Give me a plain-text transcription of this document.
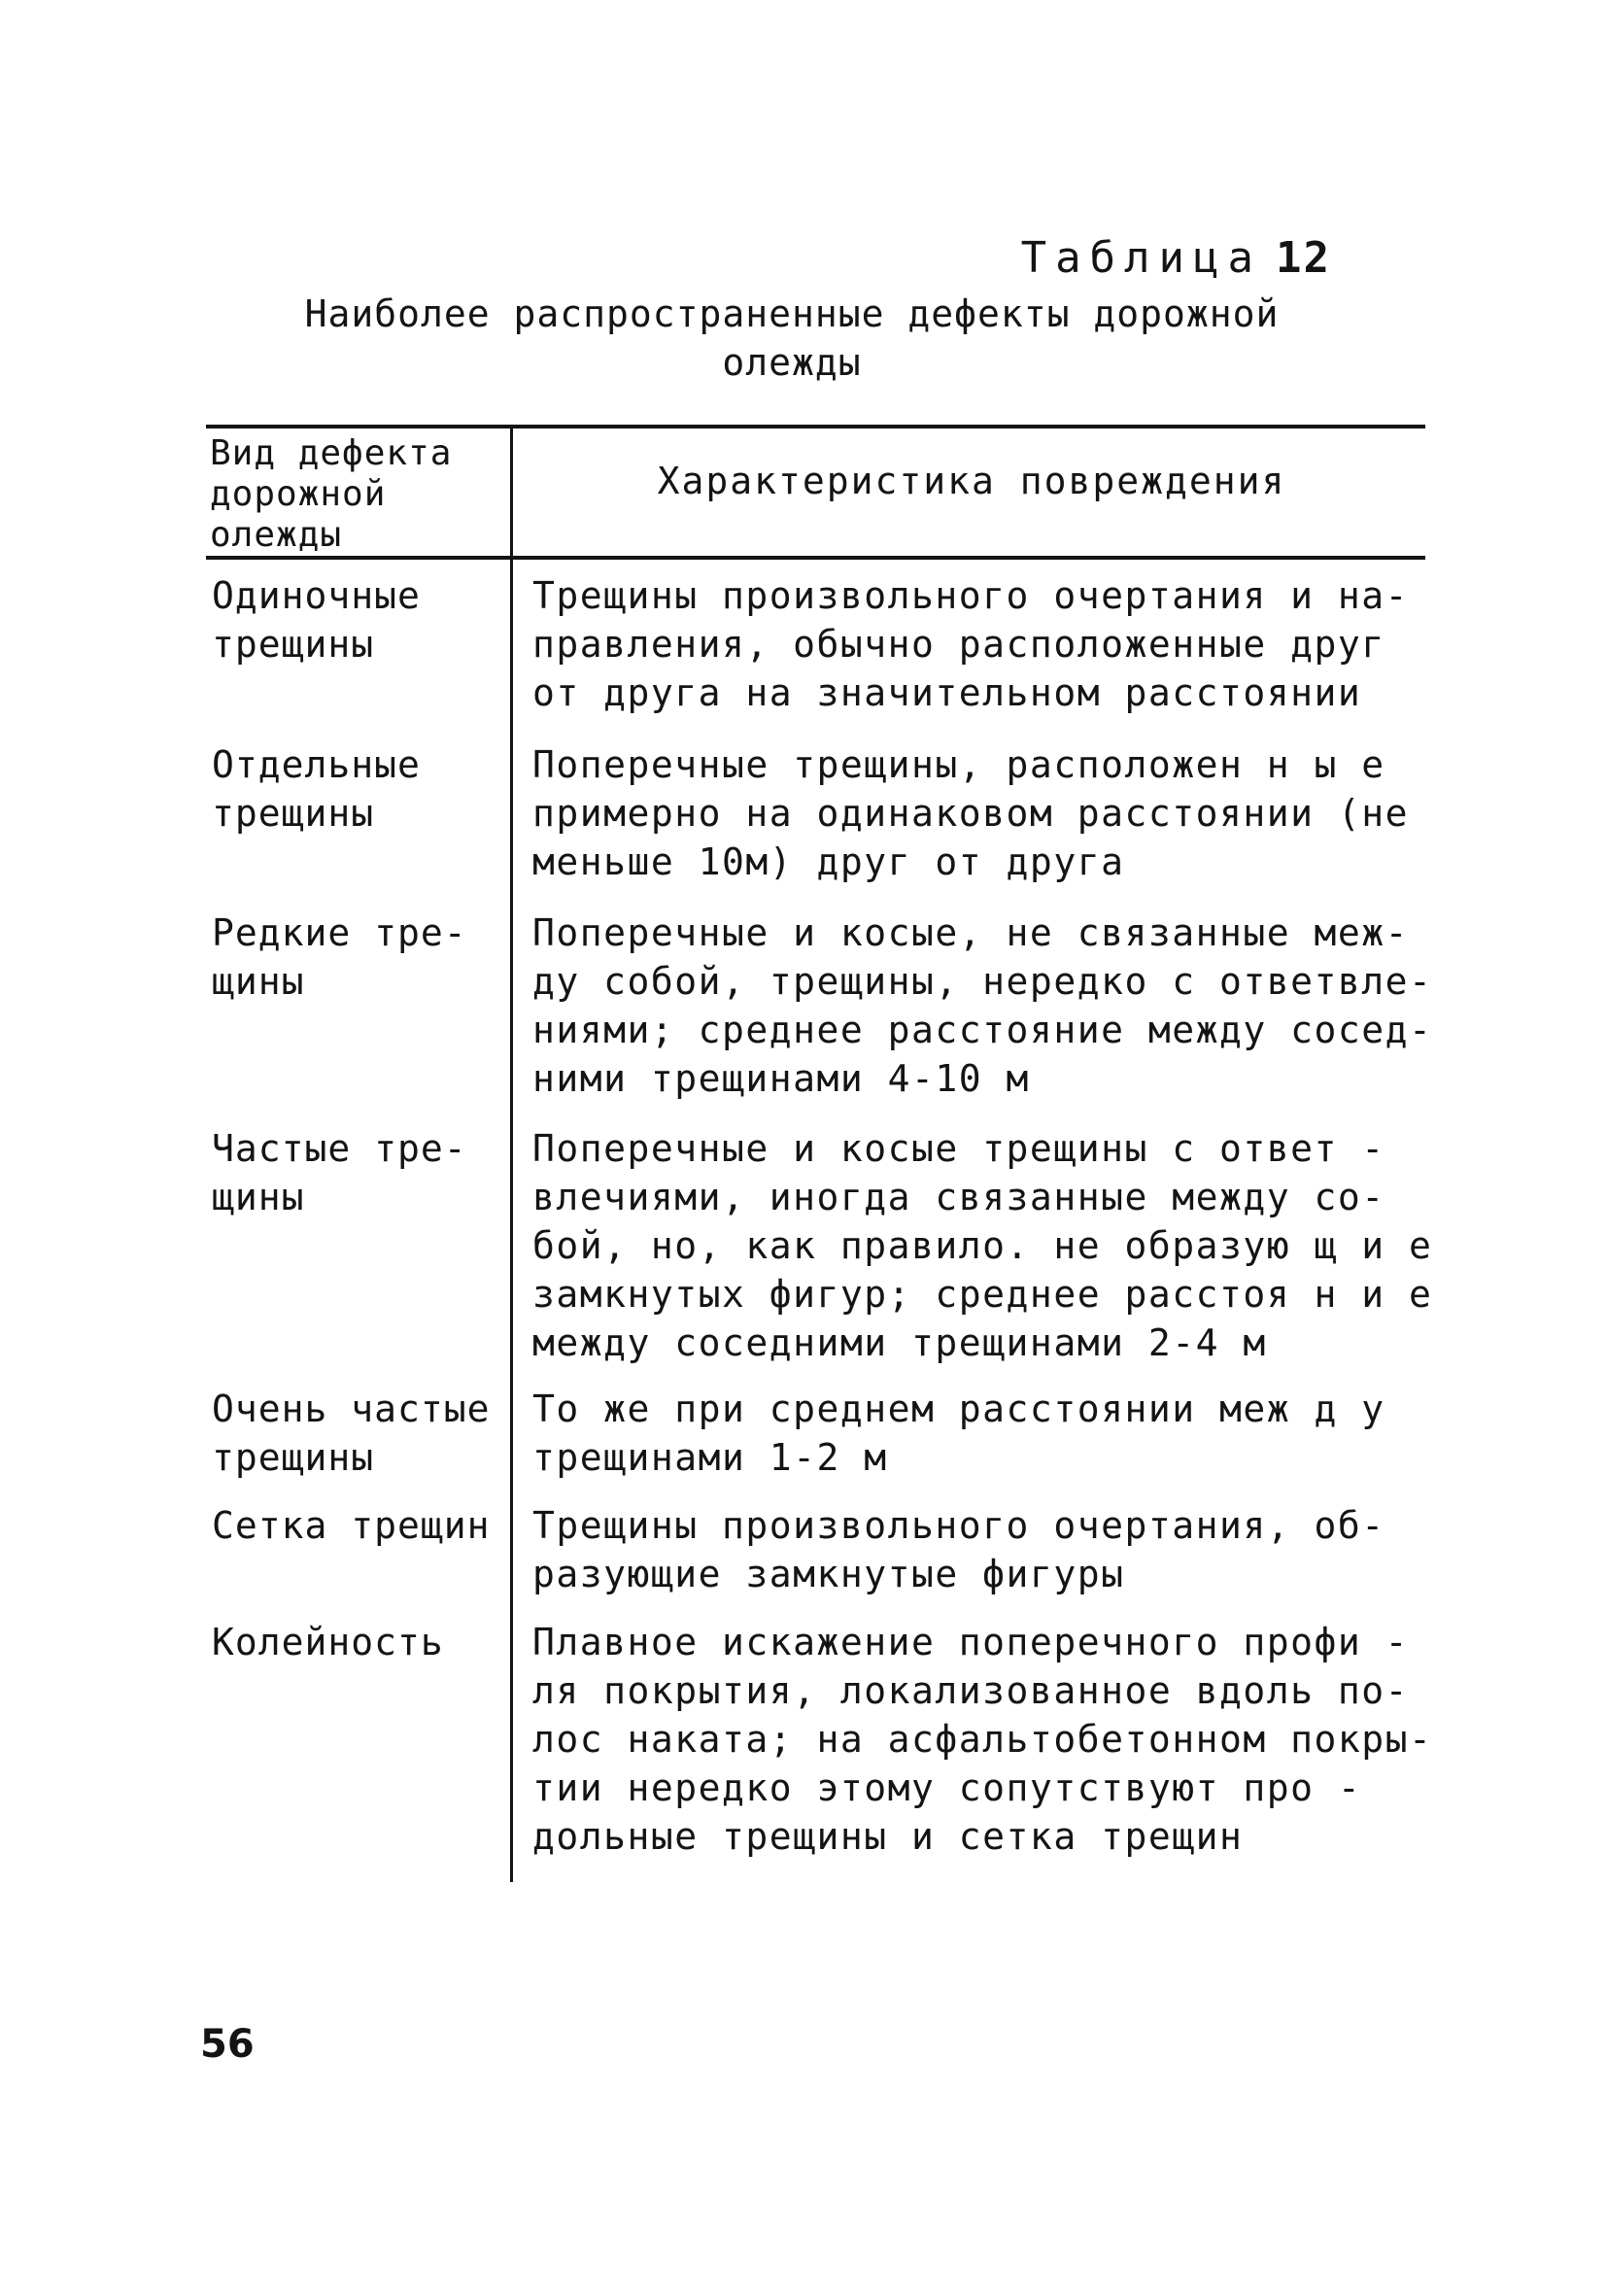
Таблица 12
Наиболее распространенные дефекты дорожной
олежды
Вид дефекта
дорожной
олежды
Характеристика повреждения
Одиночные
трещины
Трещины произвольного очертания и на-
правления, обычно расположенные друг
от друга на значительном расстоянии
Отдельные
трещины
Поперечные трещины, расположен н ы е
примерно на одинаковом расстоянии (не
меньше 10м) друг от друга
Редкие тре-
щины
Поперечные и косые, не связанные меж-
ду собой, трещины, нередко с ответвле-
ниями; среднее расстояние между сосед-
ними трещинами 4-10 м
Частые тре-
щины
Поперечные и косые трещины с ответ -
влечиями, иногда связанные между со-
бой, но, как правило. не образую щ и е
замкнутых фигур; среднее расстоя н и е
между соседними трещинами 2-4 м
Очень частые
трещины
То же при среднем расстоянии меж д у
трещинами 1-2 м
Сетка трещин	Трещины произвольного очертания, об-
разующие замкнутые фигуры
Колейность	Плавное искажение поперечного профи -
ля покрытия, локализованное вдоль по-
лос наката; на асфальтобетонном покры-
тии нередко этому сопутствуют про -
дольные трещины и сетка трещин
56
